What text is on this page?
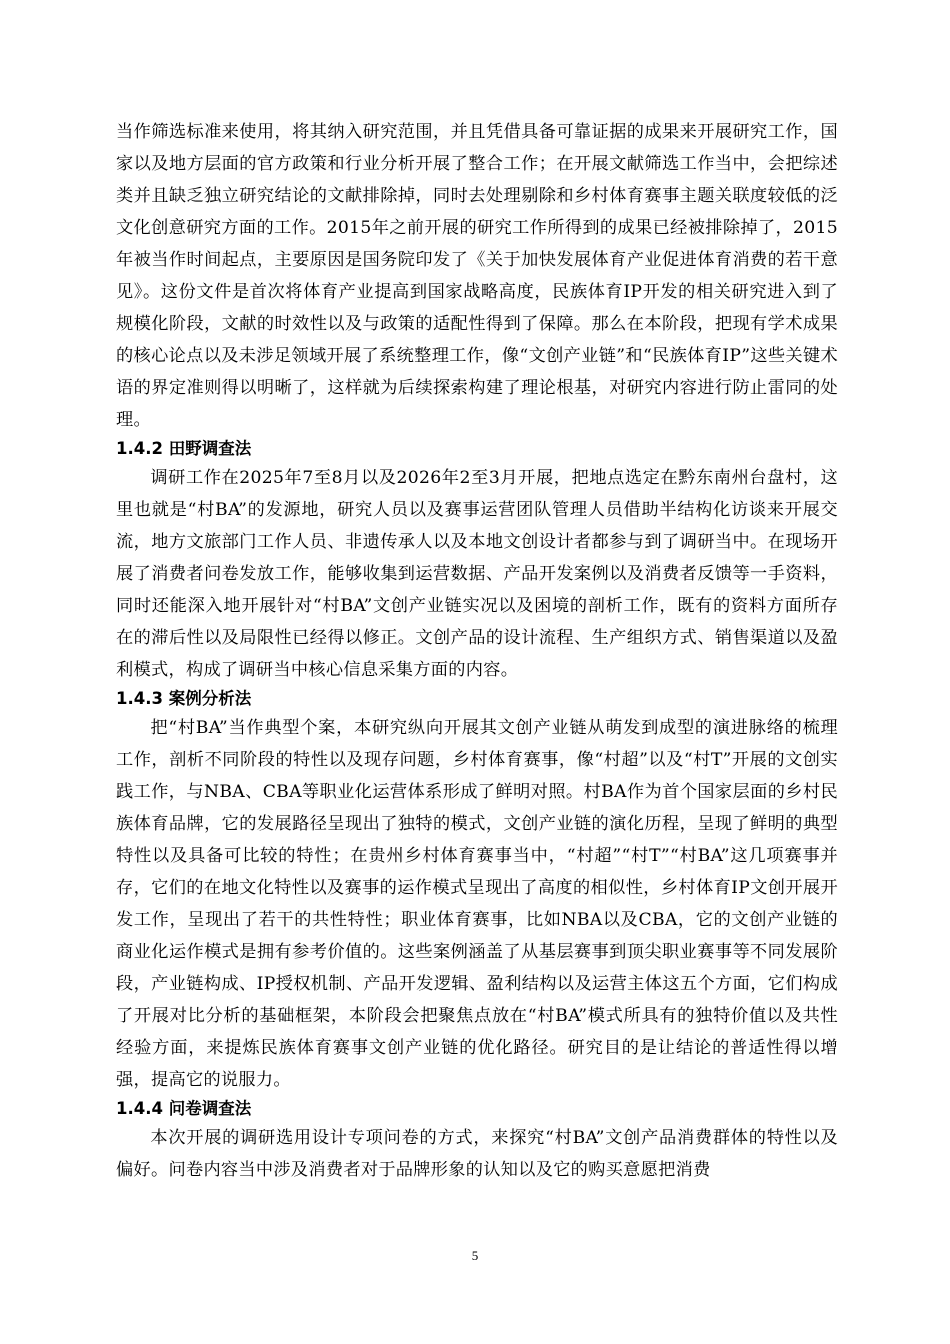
当作筛选标准来使用，将其纳入研究范围，并且凭借具备可靠证据的成果来开展研究工作，国家以及地方层面的官方政策和行业分析开展了整合工作；在开展文献筛选工作当中，会把综述类并且缺乏独立研究结论的文献排除掉，同时去处理剔除和乡村体育赛事主题关联度较低的泛文化创意研究方面的工作。2015年之前开展的研究工作所得到的成果已经被排除掉了，2015年被当作时间起点，主要原因是国务院印发了《关于加快发展体育产业促进体育消费的若干意见》。这份文件是首次将体育产业提高到国家战略高度，民族体育IP开发的相关研究进入到了规模化阶段，文献的时效性以及与政策的适配性得到了保障。那么在本阶段，把现有学术成果的核心论点以及未涉足领域开展了系统整理工作，像“文创产业链”和“民族体育IP”这些关键术语的界定准则得以明晰了，这样就为后续探索构建了理论根基，对研究内容进行防止雷同的处理。

1.4.2 田野调查法

调研工作在2025年7至8月以及2026年2至3月开展，把地点选定在黔东南州台盘村，这里也就是“村BA”的发源地，研究人员以及赛事运营团队管理人员借助半结构化访谈来开展交流，地方文旅部门工作人员、非遗传承人以及本地文创设计者都参与到了调研当中。在现场开展了消费者问卷发放工作，能够收集到运营数据、产品开发案例以及消费者反馈等一手资料，同时还能深入地开展针对“村BA”文创产业链实况以及困境的剖析工作，既有的资料方面所存在的滞后性以及局限性已经得以修正。文创产品的设计流程、生产组织方式、销售渠道以及盈利模式，构成了调研当中核心信息采集方面的内容。

1.4.3 案例分析法

把“村BA”当作典型个案，本研究纵向开展其文创产业链从萌发到成型的演进脉络的梳理工作，剖析不同阶段的特性以及现存问题，乡村体育赛事，像“村超”以及“村T”开展的文创实践工作，与NBA、CBA等职业化运营体系形成了鲜明对照。村BA作为首个国家层面的乡村民族体育品牌，它的发展路径呈现出了独特的模式，文创产业链的演化历程，呈现了鲜明的典型特性以及具备可比较的特性；在贵州乡村体育赛事当中，“村超”“村T”“村BA”这几项赛事并存，它们的在地文化特性以及赛事的运作模式呈现出了高度的相似性，乡村体育IP文创开展开发工作，呈现出了若干的共性特性；职业体育赛事，比如NBA以及CBA，它的文创产业链的商业化运作模式是拥有参考价值的。这些案例涵盖了从基层赛事到顶尖职业赛事等不同发展阶段，产业链构成、IP授权机制、产品开发逻辑、盈利结构以及运营主体这五个方面，它们构成了开展对比分析的基础框架，本阶段会把聚焦点放在“村BA”模式所具有的独特价值以及共性经验方面，来提炼民族体育赛事文创产业链的优化路径。研究目的是让结论的普适性得以增强，提高它的说服力。

1.4.4 问卷调查法

本次开展的调研选用设计专项问卷的方式，来探究“村BA”文创产品消费群体的特性以及偏好。问卷内容当中涉及消费者对于品牌形象的认知以及它的购买意愿把消费

5
